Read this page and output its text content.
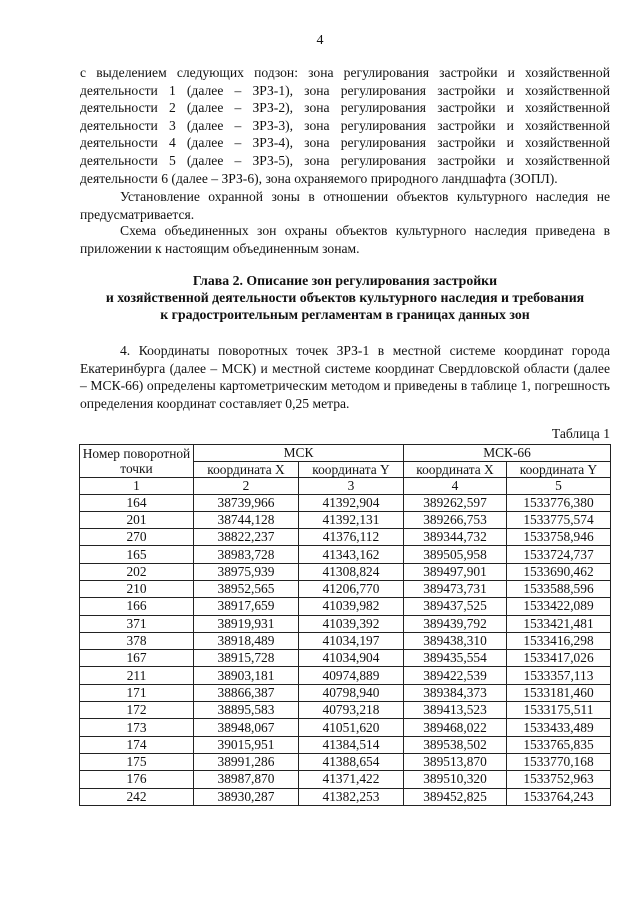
4

с выделением следующих подзон: зона регулирования застройки и хозяйственной деятельности 1 (далее – ЗРЗ-1), зона регулирования застройки и хозяйственной деятельности 2 (далее – ЗРЗ-2), зона регулирования застройки и хозяйственной деятельности 3 (далее – ЗРЗ-3), зона регулирования застройки и хозяйственной деятельности 4 (далее – ЗРЗ-4), зона регулирования застройки и хозяйственной деятельности 5 (далее – ЗРЗ-5), зона регулирования застройки и хозяйственной деятельности 6 (далее – ЗРЗ-6), зона охраняемого природного ландшафта (ЗОПЛ).

Установление охранной зоны в отношении объектов культурного наследия не предусматривается.

Схема объединенных зон охраны объектов культурного наследия приведена в приложении к настоящим объединенным зонам.

Глава 2. Описание зон регулирования застройки
и хозяйственной деятельности объектов культурного наследия и требования
к градостроительным регламентам в границах данных зон

4. Координаты поворотных точек ЗРЗ-1 в местной системе координат города Екатеринбурга (далее – МСК) и местной системе координат Свердловской области (далее – МСК-66) определены картометрическим методом и приведены в таблице 1, погрешность определения координат составляет 0,25 метра.

Таблица 1
Номер поворотной точки	МСК		МСК-66	
	координата X	координата Y	координата X	координата Y
1	2	3	4	5
164	38739,966	41392,904	389262,597	1533776,380
201	38744,128	41392,131	389266,753	1533775,574
270	38822,237	41376,112	389344,732	1533758,946
165	38983,728	41343,162	389505,958	1533724,737
202	38975,939	41308,824	389497,901	1533690,462
210	38952,565	41206,770	389473,731	1533588,596
166	38917,659	41039,982	389437,525	1533422,089
371	38919,931	41039,392	389439,792	1533421,481
378	38918,489	41034,197	389438,310	1533416,298
167	38915,728	41034,904	389435,554	1533417,026
211	38903,181	40974,889	389422,539	1533357,113
171	38866,387	40798,940	389384,373	1533181,460
172	38895,583	40793,218	389413,523	1533175,511
173	38948,067	41051,620	389468,022	1533433,489
174	39015,951	41384,514	389538,502	1533765,835
175	38991,286	41388,654	389513,870	1533770,168
176	38987,870	41371,422	389510,320	1533752,963
242	38930,287	41382,253	389452,825	1533764,243
